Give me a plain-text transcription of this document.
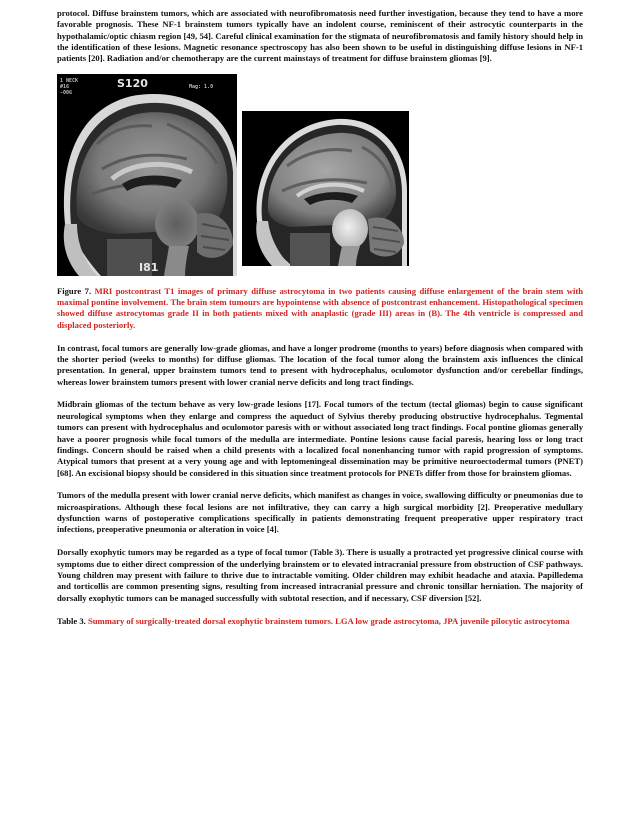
protocol. Diffuse brainstem tumors, which are associated with neurofibromatosis need further investigation, because they tend to have a more favorable prognosis. These NF-1 brainstem tumors typically have an indolent course, reminiscent of their astrocytic counterparts in the hypothalamic/optic chiasm region [49, 54]. Careful clinical examination for the stigmata of neurofibromatosis and family history should help in the identification of these lesions. Magnetic resonance spectroscopy has also been shown to be useful in distinguishing diffuse lesions in NF-1 patients [20]. Radiation and/or chemotherapy are the current mainstays of treatment for diffuse brainstem gliomas [9].

1 NECK
#16
-006
Mag: 1.0
S120
I81

Figure 7. MRI postcontrast T1 images of primary diffuse astrocytoma in two patients causing diffuse enlargement of the brain stem with maximal pontine involvement. The brain stem tumours are hypointense with absence of postcontrast enhancement. Histopathological specimen showed diffuse astrocytomas grade II in both patients mixed with anaplastic (grade III) areas in (B). The 4th ventricle is compressed and displaced posteriorly.

In contrast, focal tumors are generally low-grade gliomas, and have a longer prodrome (months to years) before diagnosis when compared with the shorter period (weeks to months) for diffuse gliomas. The location of the focal tumor along the brainstem axis influences the clinical presentation. In general, upper brainstem tumors tend to present with hydrocephalus, oculomotor dysfunction and/or cerebellar findings, whereas lower brainstem tumors present with lower cranial nerve deficits and long tract findings.

Midbrain gliomas of the tectum behave as very low-grade lesions [17]. Focal tumors of the tectum (tectal gliomas) begin to cause significant neurological symptoms when they enlarge and compress the aqueduct of Sylvius thereby producing obstructive hydrocephalus. Tegmental tumors can present with hydrocephalus and oculomotor paresis with or without associated long tract findings. Focal pontine gliomas generally have a poorer prognosis while focal tumors of the medulla are intermediate. Pontine lesions cause facial paresis, hearing loss or long tract findings. Concern should be raised when a child presents with a localized focal nonenhancing tumor with rapid progression of symptoms. Atypical tumors that present at a very young age and with leptomeningeal dissemination may be primitive neuroectodermal tumors (PNET) [68]. An excisional biopsy should be considered in this situation since treatment protocols for PNETs differ from those for brainstem gliomas.

Tumors of the medulla present with lower cranial nerve deficits, which manifest as changes in voice, swallowing difficulty or pneumonias due to microaspirations. Although these focal lesions are not infiltrative, they can carry a high surgical morbidity [2]. Preoperative medullary dysfunction warns of postoperative complications specifically in patients demonstrating frequent preoperative upper respiratory tract infections, preoperative pneumonia or alteration in voice [4].

Dorsally exophytic tumors may be regarded as a type of focal tumor (Table 3). There is usually a protracted yet progressive clinical course with symptoms due to either direct compression of the underlying brainstem or to elevated intracranial pressure from obstruction of CSF pathways. Young children may present with failure to thrive due to intractable vomiting. Older children may exhibit headache and ataxia. Papilledema and torticollis are common presenting signs, resulting from increased intracranial pressure and chronic tonsillar herniation. The majority of dorsally exophytic tumors can be managed successfully with subtotal resection, and if necessary, CSF diversion [52].

Table 3. Summary of surgically-treated dorsal exophytic brainstem tumors. LGA low grade astrocytoma, JPA juvenile pilocytic astrocytoma
